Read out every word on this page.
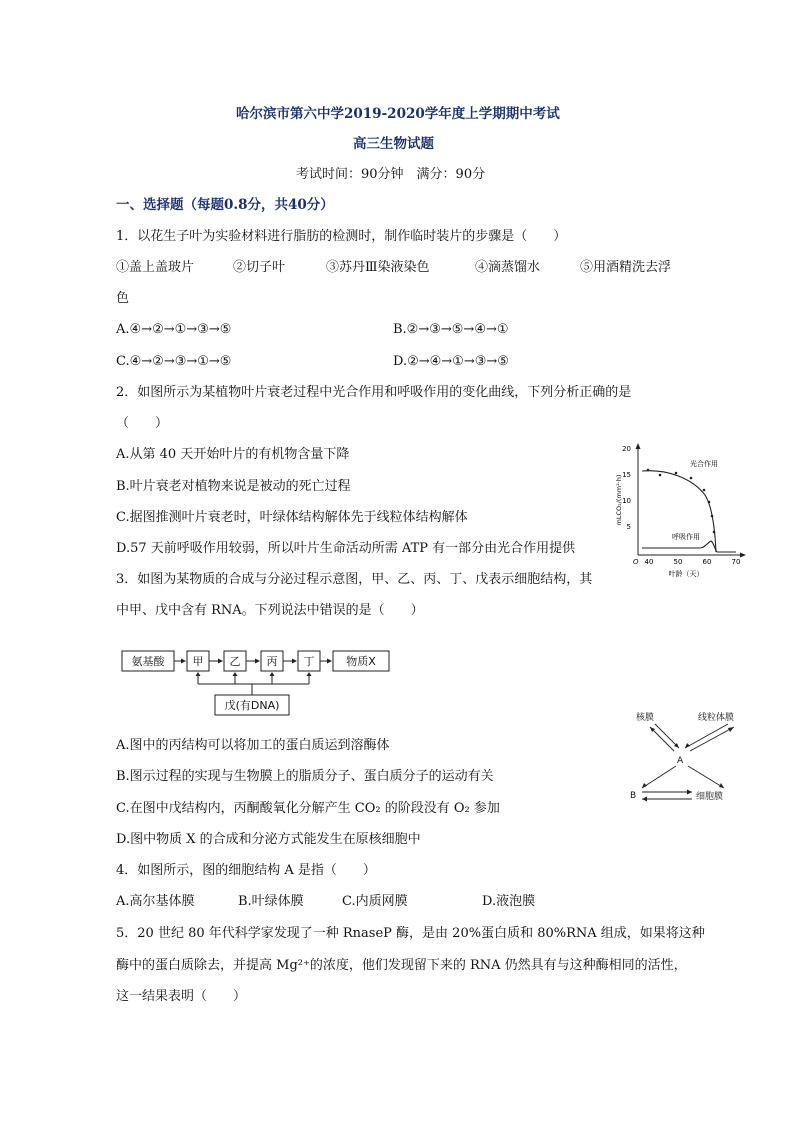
哈尔滨市第六中学2019-2020学年度上学期期中考试
高三生物试题
考试时间：90分钟　满分：90分
一、选择题（每题0.8分，共40分）
1．以花生子叶为实验材料进行脂肪的检测时，制作临时装片的步骤是（　　）
①盖上盖玻片	②切子叶	③苏丹Ⅲ染液染色	④滴蒸馏水	⑤用酒精洗去浮
色
A.④→②→①→③→⑤	B.②→③→⑤→④→①
C.④→②→③→①→⑤	D.②→④→①→③→⑤
2．如图所示为某植物叶片衰老过程中光合作用和呼吸作用的变化曲线，下列分析正确的是
（　　）
A.从第 40 天开始叶片的有机物含量下降
B.叶片衰老对植物来说是被动的死亡过程
C.据图推测叶片衰老时，叶绿体结构解体先于线粒体结构解体
D.57 天前呼吸作用较弱，所以叶片生命活动所需 ATP 有一部分由光合作用提供
20
15
10
5
O 40	50	60	70
叶龄（天）
mLCO₂/(mm²·h)
光合作用
呼吸作用
3．如图为某物质的合成与分泌过程示意图，甲、乙、丙、丁、戊表示细胞结构，其
中甲、戊中含有 RNA。下列说法中错误的是（　　）
氨基酸	甲 乙 丙 丁	物质X
戊(有DNA)
核膜	线粒体膜
A
B	细胞膜
A.图中的丙结构可以将加工的蛋白质运到溶酶体
B.图示过程的实现与生物膜上的脂质分子、蛋白质分子的运动有关
C.在图中戊结构内，丙酮酸氧化分解产生 CO₂ 的阶段没有 O₂ 参加
D.图中物质 X 的合成和分泌方式能发生在原核细胞中
4．如图所示，图的细胞结构 A 是指（　　）
A.高尔基体膜	B.叶绿体膜	C.内质网膜	D.液泡膜
5．20 世纪 80 年代科学家发现了一种 RnaseP 酶，是由 20%蛋白质和 80%RNA 组成，如果将这种
酶中的蛋白质除去，并提高 Mg²⁺的浓度，他们发现留下来的 RNA 仍然具有与这种酶相同的活性，
这一结果表明（　　）
